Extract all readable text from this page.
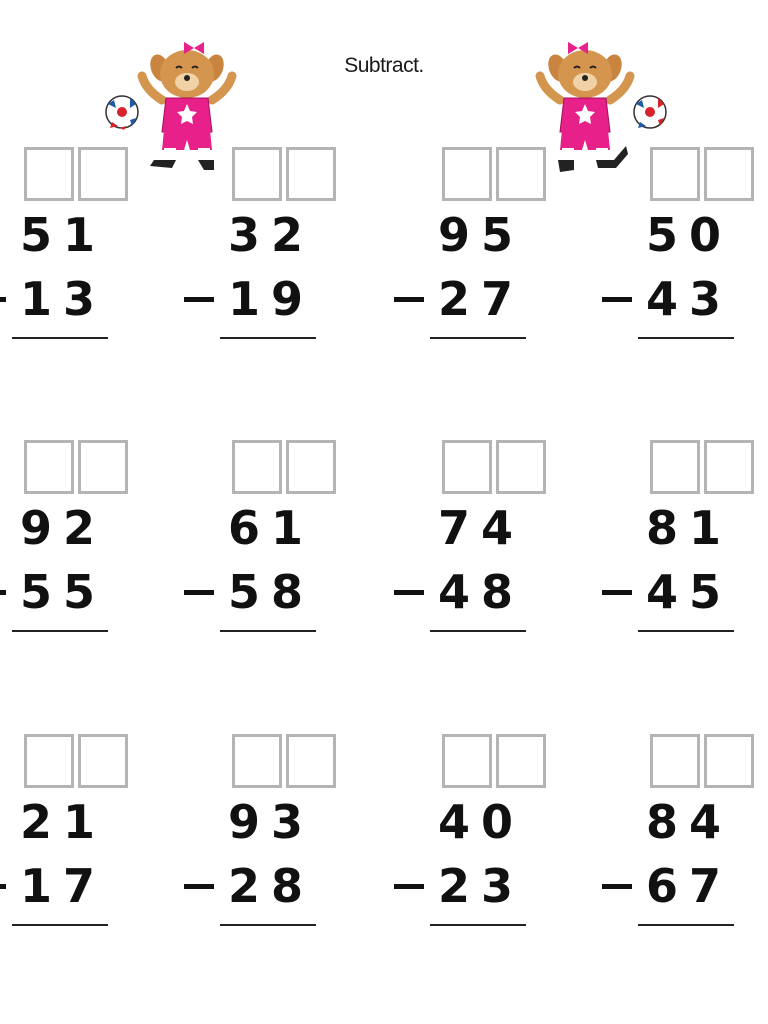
Subtract.
51
13
32
19
95
27
50
43
92
55
61
58
74
48
81
45
21
17
93
28
40
23
84
67
